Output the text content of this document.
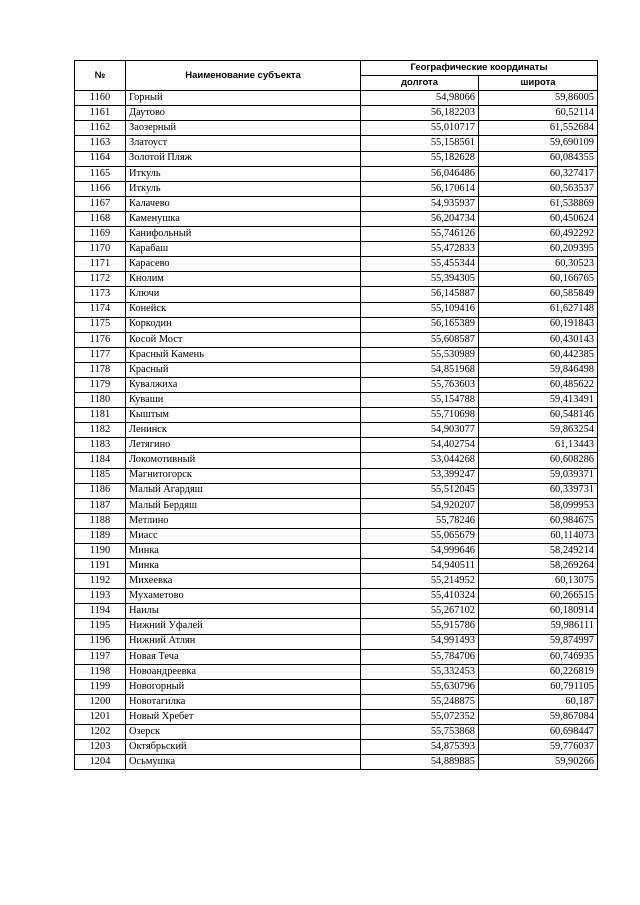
№	Наименование субъекта	Географические координаты	
		долгота	широта
1160	Горный	54,98066	59,86005
1161	Даутово	56,182203	60,52114
1162	Заозерный	55,010717	61,552684
1163	Златоуст	55,158561	59,690109
1164	Золотой Пляж	55,182628	60,084355
1165	Иткуль	56,046486	60,327417
1166	Иткуль	56,170614	60,563537
1167	Калачево	54,935937	61,538869
1168	Каменушка	56,204734	60,450624
1169	Канифольный	55,746126	60,492292
1170	Карабаш	55,472833	60,209395
1171	Карасево	55,455344	60,30523
1172	Кнолим	55,394305	60,166765
1173	Ключи	56,145887	60,585849
1174	Конейск	55,109416	61,627148
1175	Коркодин	56,165389	60,191843
1176	Косой Мост	55,608587	60,430143
1177	Красный Камень	55,530989	60,442385
1178	Красный	54,851968	59,846498
1179	Кувалжиха	55,763603	60,485622
1180	Куваши	55,154788	59,413491
1181	Кыштым	55,710698	60,548146
1182	Ленинск	54,903077	59,863254
1183	Летягино	54,402754	61,13443
1184	Локомотивный	53,044268	60,608286
1185	Магнитогорск	53,399247	59,039371
1186	Малый Агардяш	55,512045	60,339731
1187	Малый Бердяш	54,920207	58,099953
1188	Метлино	55,78246	60,984675
1189	Миасс	55,065679	60,114073
1190	Минка	54,999646	58,249214
1191	Минка	54,940511	58,269264
1192	Михеевка	55,214952	60,13075
1193	Мухаметово	55,410324	60,266515
1194	Наилы	55,267102	60,180914
1195	Нижний Уфалей	55,915786	59,986111
1196	Нижний Атлян	54,991493	59,874997
1197	Новая Теча	55,784706	60,746935
1198	Новоандреевка	55,332453	60,226819
1199	Новогорный	55,630796	60,791105
1200	Новотагилка	55,248875	60,187
1201	Новый Хребет	55,072352	59,867084
1202	Озерск	55,753868	60,698447
1203	Октябрьский	54,875393	59,776037
1204	Осьмушка	54,889885	59,90266
